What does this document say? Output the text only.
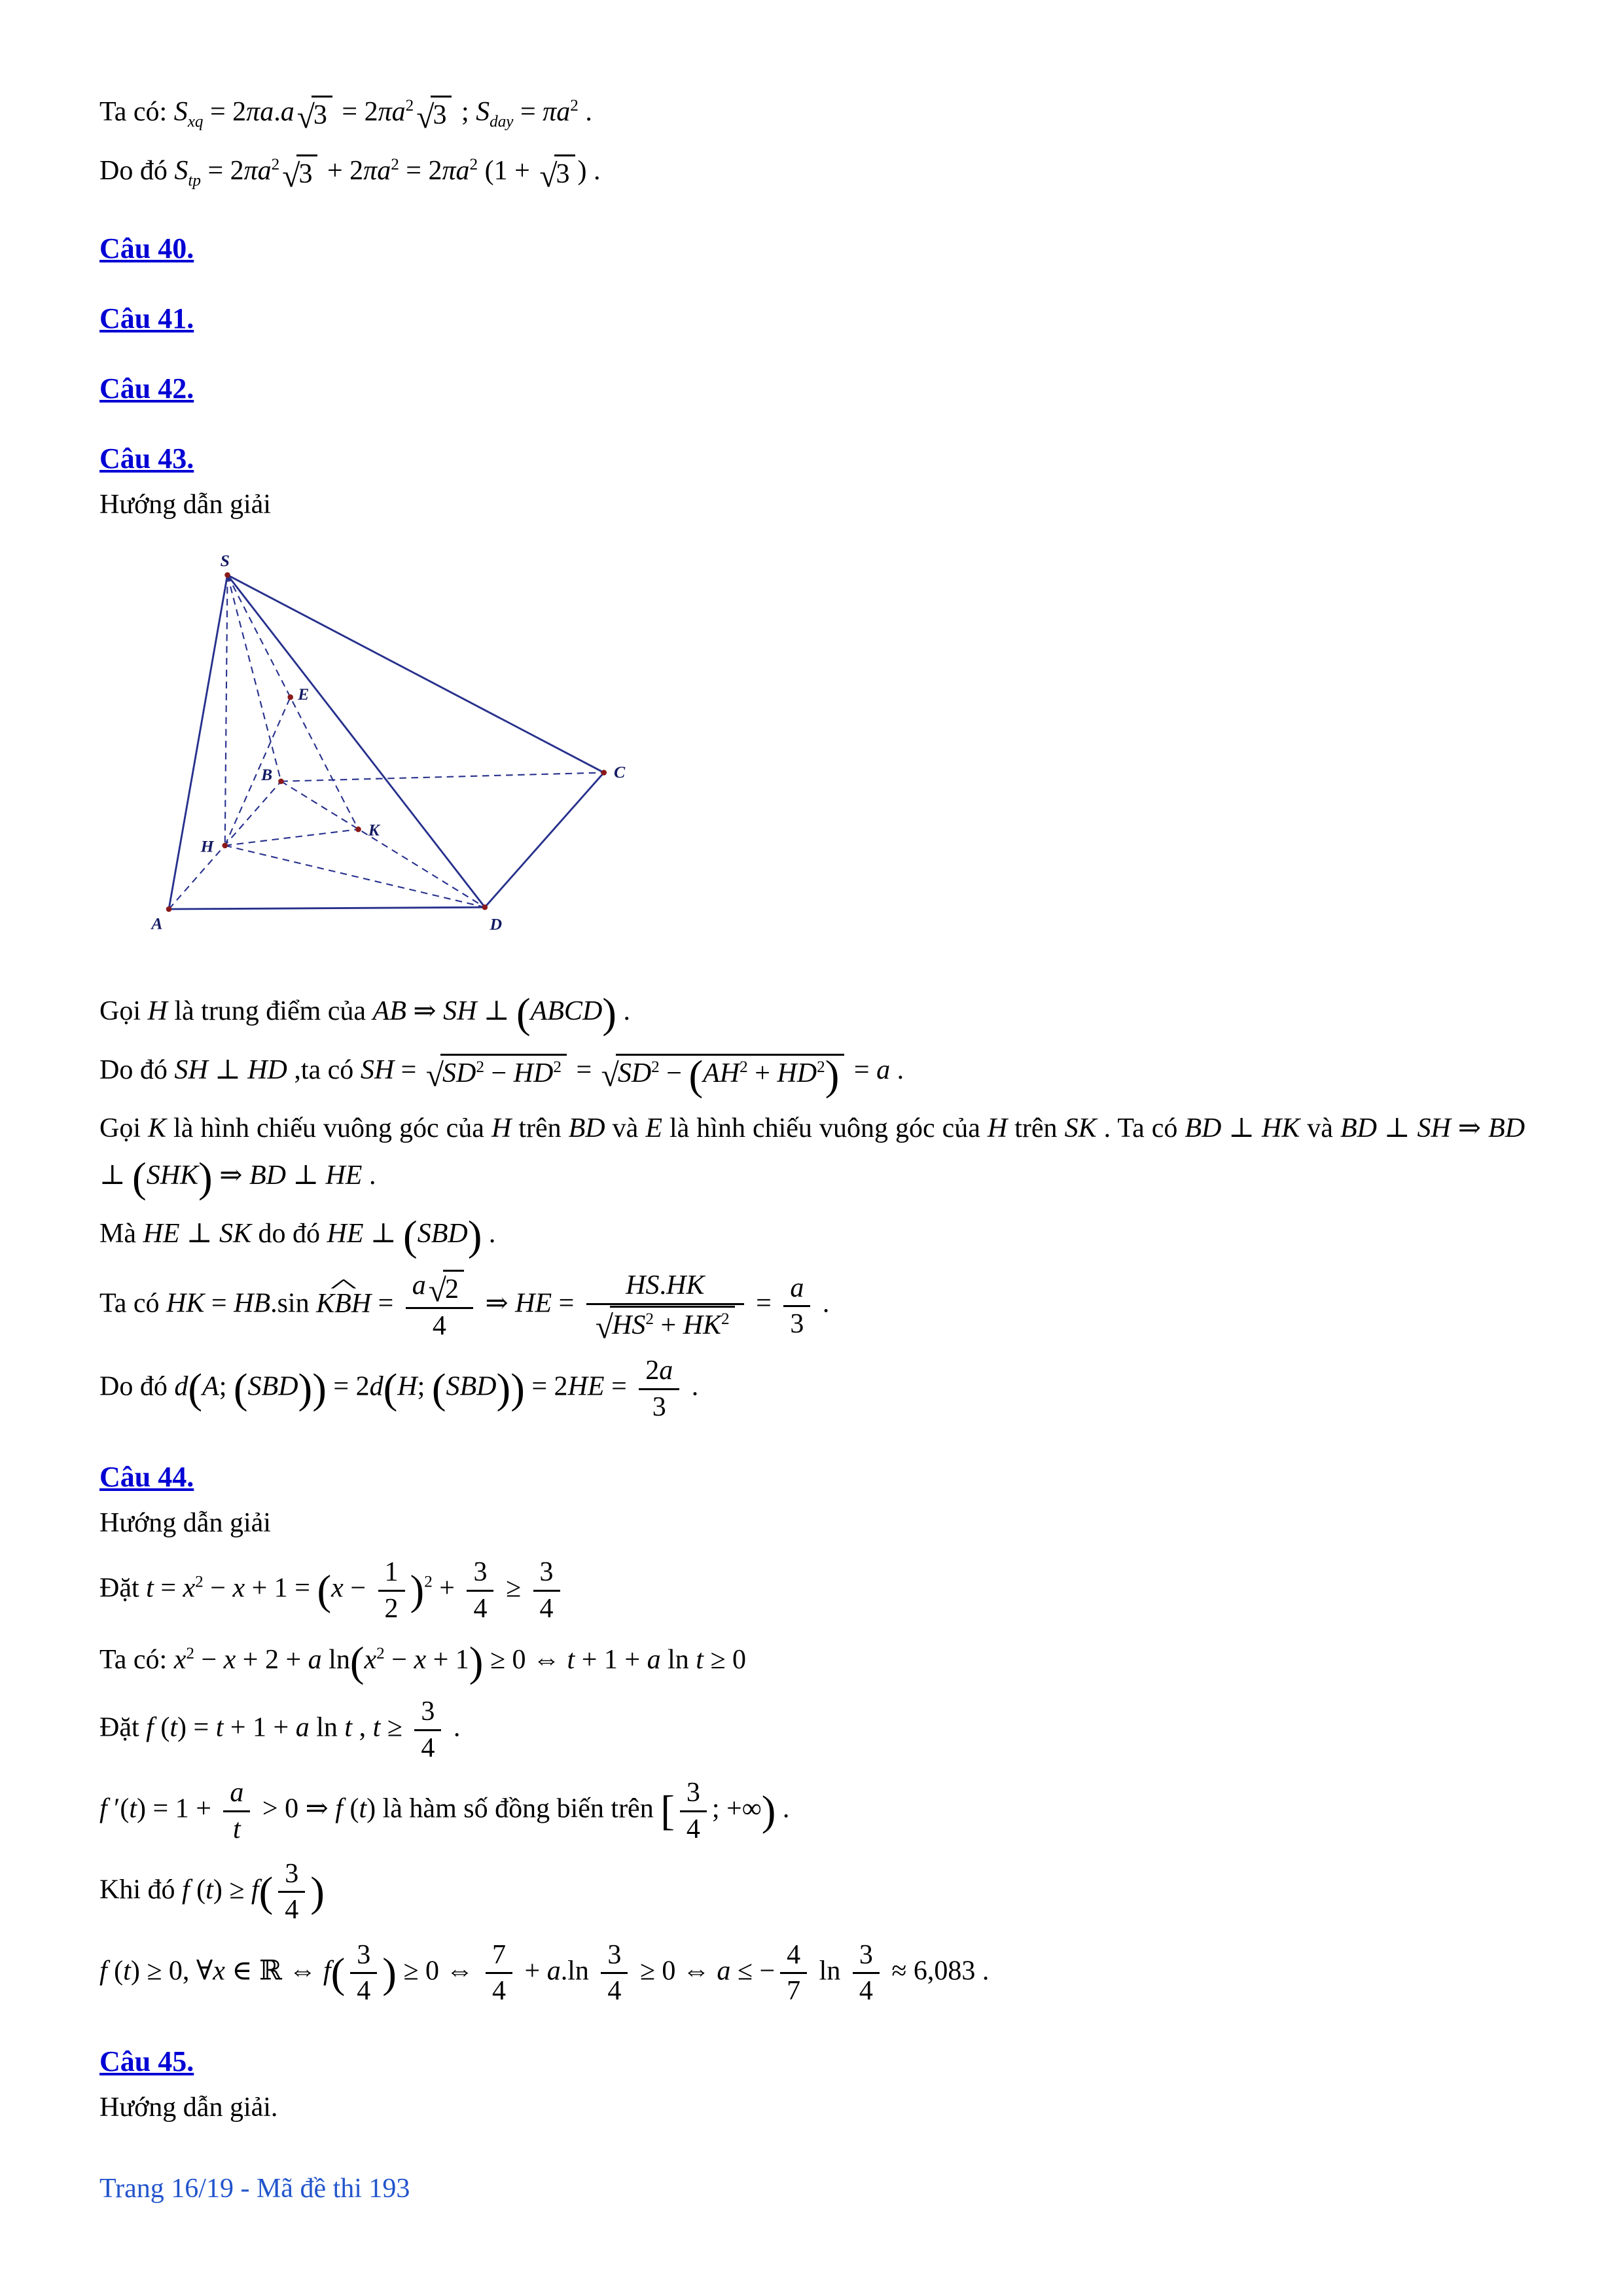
Ta có: $S_{xq} = 2\pi a.a$ √
$3 = 2\pi a^2$ √
3 ; $S_{day} = \pi a^2$ .
Do đó $S_{tp} = 2\pi a^2$ √
$3 + 2\pi a^2 = 2\pi a^2$ (1 + √
3 ) .
Câu 40.
Câu 41.
Câu 42.
Câu 43.
Hướng dẫn giải
S
E
B	C
K
H
A	D
Gọi H là trung điểm của AB ⇒ SH ⊥ (ABCD) .
Do đó SH ⊥ HD ,ta có SH = √
$SD^2 - HD^2$ = √
$SD^2 - (AH^2 + HD^2) = a$ .
Gọi K là hình chiếu vuông góc của H trên BD và E là hình chiếu vuông góc của H trên SK . Ta có BD ⊥ HK và BD ⊥ SH ⇒ BD ⊥ (SHK) ⇒ BD ⊥ HE .
Mà HE ⊥ SK do đó HE ⊥ (SBD) .
Ta có HK = HB.sin ^ KBH = a √
2
4 ⇒ HE = HS.HK
√
$HS^2 + HK^2 = \frac{a}{3}$ .
Do đó d(A; (SBD)) = 2d(H; $(SBD)) = 2HE = \frac{2a}{3}$ .
Câu 44.
Hướng dẫn giải
Đặt $t = x^2 - x + 1 = (x - \frac{1}{2} )^2 + \frac{3}{4} \ge \frac{3}{4}$
Ta có: $x^2 - x + 2 + a$ $\ln(x^2 - x + 1) \ge 0$ ⇔ t + 1 + a ln t ≥ 0
Đặt f (t) = t + 1 + a ln t , $t \ge \frac{3}{4}$ .
f $'(t) = 1 + \frac{a}{t} > 0$ ⇒ f (t) là hàm số đồng biến trên [ $\frac{3}{4}$ ; +∞) .
Khi đó f $(t) \ge f( \frac{3}{4}$ )
f (t) ≥ 0, ∀x ∈ ℝ ⇔ $f( \frac{3}{4}$ ) ≥ 0 ⇔ $\frac{7}{4} + a.\ln \frac{3}{4} \ge 0$ ⇔ a ≤ − $\frac{4}{7}$ $\ln \frac{3}{4} \approx 6,083$ .
Câu 45.
Hướng dẫn giải.
Trang 16/19 - Mã đề thi 193
